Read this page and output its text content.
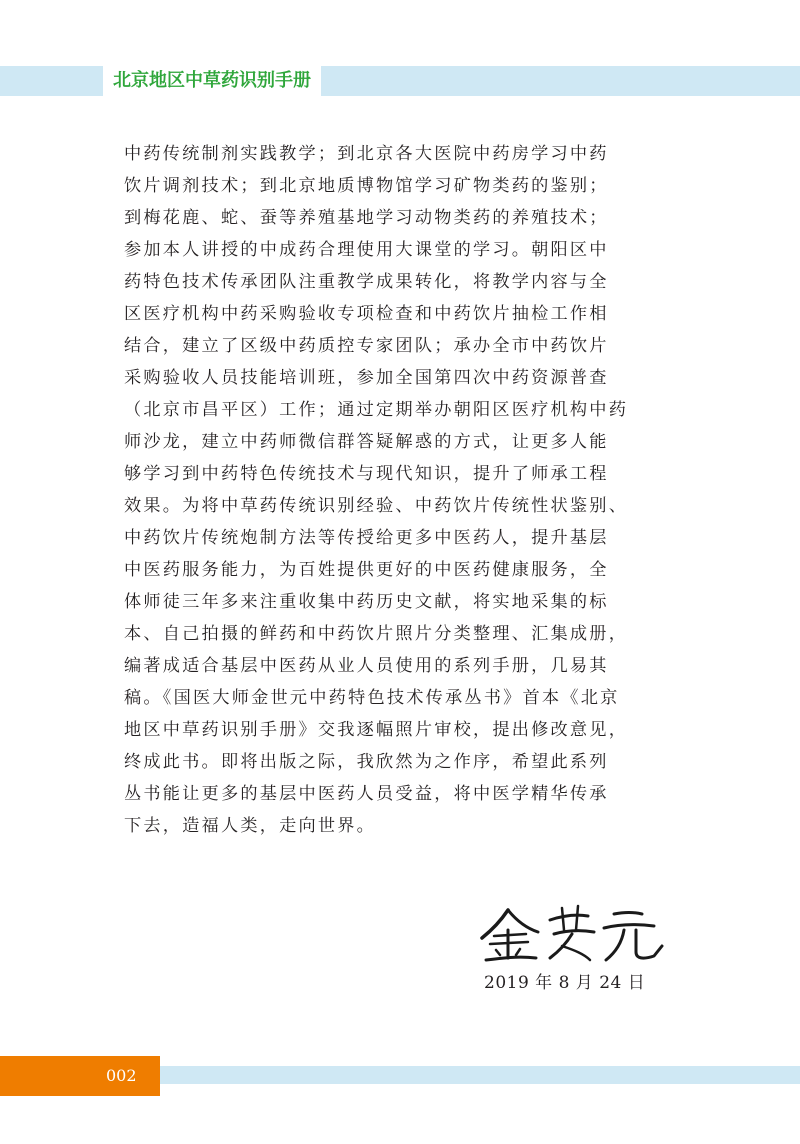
北京地区中草药识别手册
中药传统制剂实践教学；到北京各大医院中药房学习中药
饮片调剂技术；到北京地质博物馆学习矿物类药的鉴别；
到梅花鹿、蛇、蚕等养殖基地学习动物类药的养殖技术；
参加本人讲授的中成药合理使用大课堂的学习。朝阳区中
药特色技术传承团队注重教学成果转化，将教学内容与全
区医疗机构中药采购验收专项检查和中药饮片抽检工作相
结合，建立了区级中药质控专家团队；承办全市中药饮片
采购验收人员技能培训班，参加全国第四次中药资源普查
（北京市昌平区）工作；通过定期举办朝阳区医疗机构中药
师沙龙，建立中药师微信群答疑解惑的方式，让更多人能
够学习到中药特色传统技术与现代知识，提升了师承工程
效果。为将中草药传统识别经验、中药饮片传统性状鉴别、
中药饮片传统炮制方法等传授给更多中医药人，提升基层
中医药服务能力，为百姓提供更好的中医药健康服务，全
体师徒三年多来注重收集中药历史文献，将实地采集的标
本、自己拍摄的鲜药和中药饮片照片分类整理、汇集成册，
编著成适合基层中医药从业人员使用的系列手册，几易其
稿。《国医大师金世元中药特色技术传承丛书》首本《北京
地区中草药识别手册》交我逐幅照片审校，提出修改意见，
终成此书。即将出版之际，我欣然为之作序，希望此系列
丛书能让更多的基层中医药人员受益，将中医学精华传承
下去，造福人类，走向世界。
2019 年 8 月 24 日
002
